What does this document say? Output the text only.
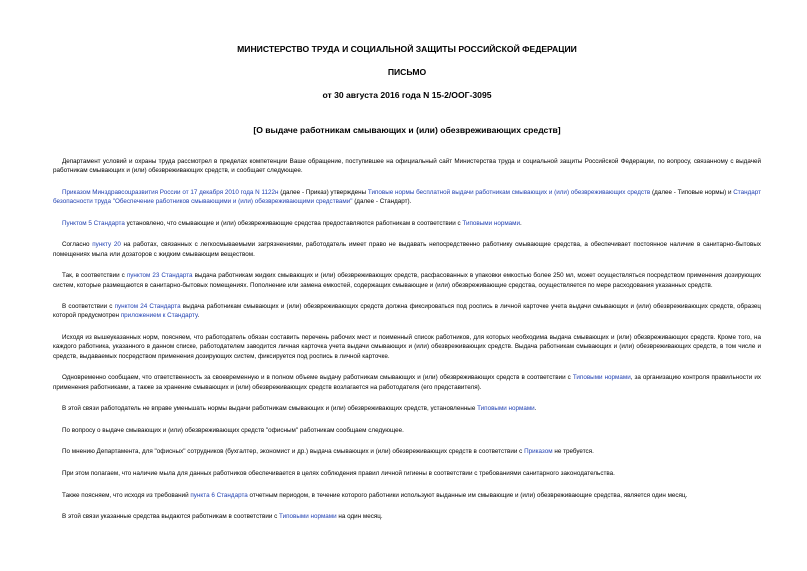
МИНИСТЕРСТВО ТРУДА И СОЦИАЛЬНОЙ ЗАЩИТЫ РОССИЙСКОЙ ФЕДЕРАЦИИ
ПИСЬМО
от 30 августа 2016 года N 15-2/ООГ-3095
[О выдаче работникам смывающих и (или) обезвреживающих средств]

Департамент условий и охраны труда рассмотрел в пределах компетенции Ваше обращение, поступившее на официальный сайт Министерства труда и социальной защиты Российской Федерации, по вопросу, связанному с выдачей работникам смывающих и (или) обезвреживающих средств, и сообщает следующее.

Приказом Минздравсоцразвития России от 17 декабря 2010 года N 1122н (далее - Приказ) утверждены Типовые нормы бесплатной выдачи работникам смывающих и (или) обезвреживающих средств (далее - Типовые нормы) и Стандарт безопасности труда "Обеспечение работников смывающими и (или) обезвреживающими средствами" (далее - Стандарт).

Пунктом 5 Стандарта установлено, что смывающие и (или) обезвреживающие средства предоставляются работникам в соответствии с Типовыми нормами.

Согласно пункту 20 на работах, связанных с легкосмываемыми загрязнениями, работодатель имеет право не выдавать непосредственно работнику смывающие средства, а обеспечивает постоянное наличие в санитарно-бытовых помещениях мыла или дозаторов с жидким смывающим веществом.

Так, в соответствии с пунктом 23 Стандарта выдача работникам жидких смывающих и (или) обезвреживающих средств, расфасованных в упаковки емкостью более 250 мл, может осуществляться посредством применения дозирующих систем, которые размещаются в санитарно-бытовых помещениях. Пополнение или замена емкостей, содержащих смывающие и (или) обезвреживающие средства, осуществляется по мере расходования указанных средств.

В соответствии с пунктом 24 Стандарта выдача работникам смывающих и (или) обезвреживающих средств должна фиксироваться под роспись в личной карточке учета выдачи смывающих и (или) обезвреживающих средств, образец которой предусмотрен приложением к Стандарту.

Исходя из вышеуказанных норм, поясняем, что работодатель обязан составить перечень рабочих мест и поименный список работников, для которых необходима выдача смывающих и (или) обезвреживающих средств. Кроме того, на каждого работника, указанного в данном списке, работодателем заводится личная карточка учета выдачи смывающих и (или) обезвреживающих средств. Выдача работникам смывающих и (или) обезвреживающих средств, в том числе и средств, выдаваемых посредством применения дозирующих систем, фиксируется под роспись в личной карточке.

Одновременно сообщаем, что ответственность за своевременную и в полном объеме выдачу работникам смывающих и (или) обезвреживающих средств в соответствии с Типовыми нормами, за организацию контроля правильности их применения работниками, а также за хранение смывающих и (или) обезвреживающих средств возлагается на работодателя (его представителя).

В этой связи работодатель не вправе уменьшать нормы выдачи работникам смывающих и (или) обезвреживающих средств, установленные Типовыми нормами.

По вопросу о выдаче смывающих и (или) обезвреживающих средств "офисным" работникам сообщаем следующее.

По мнению Департамента, для "офисных" сотрудников (бухгалтер, экономист и др.) выдача смывающих и (или) обезвреживающих средств в соответствии с Приказом не требуется.

При этом полагаем, что наличие мыла для данных работников обеспечивается в целях соблюдения правил личной гигиены в соответствии с требованиями санитарного законодательства.

Также поясняем, что исходя из требований пункта 6 Стандарта отчетным периодом, в течение которого работники используют выданные им смывающие и (или) обезвреживающие средства, является один месяц.

В этой связи указанные средства выдаются работникам в соответствии с Типовыми нормами на один месяц.
